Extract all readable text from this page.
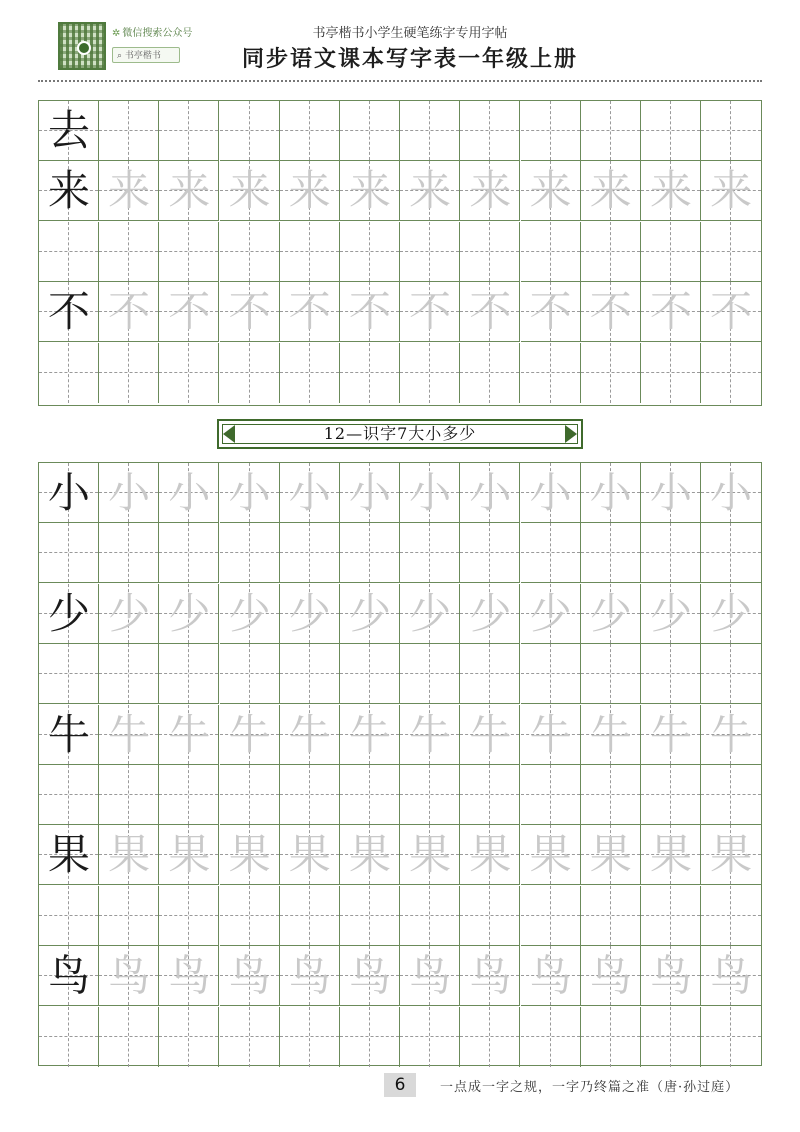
✲ 微信搜索公众号
⌕ 书亭楷书
书亭楷书小学生硬笔练字专用字帖
同步语文课本写字表一年级上册
去
来 来 来 来 来 来 来 来 来 来 来 来
不 不 不 不 不 不 不 不 不 不 不 不
12—识字7大小多少
小 小 小 小 小 小 小 小 小 小 小 小
少 少 少 少 少 少 少 少 少 少 少 少
牛 牛 牛 牛 牛 牛 牛 牛 牛 牛 牛 牛
果 果 果 果 果 果 果 果 果 果 果 果
鸟 鸟 鸟 鸟 鸟 鸟 鸟 鸟 鸟 鸟 鸟 鸟
6	一点成一字之规，一字乃终篇之准（唐·孙过庭）
